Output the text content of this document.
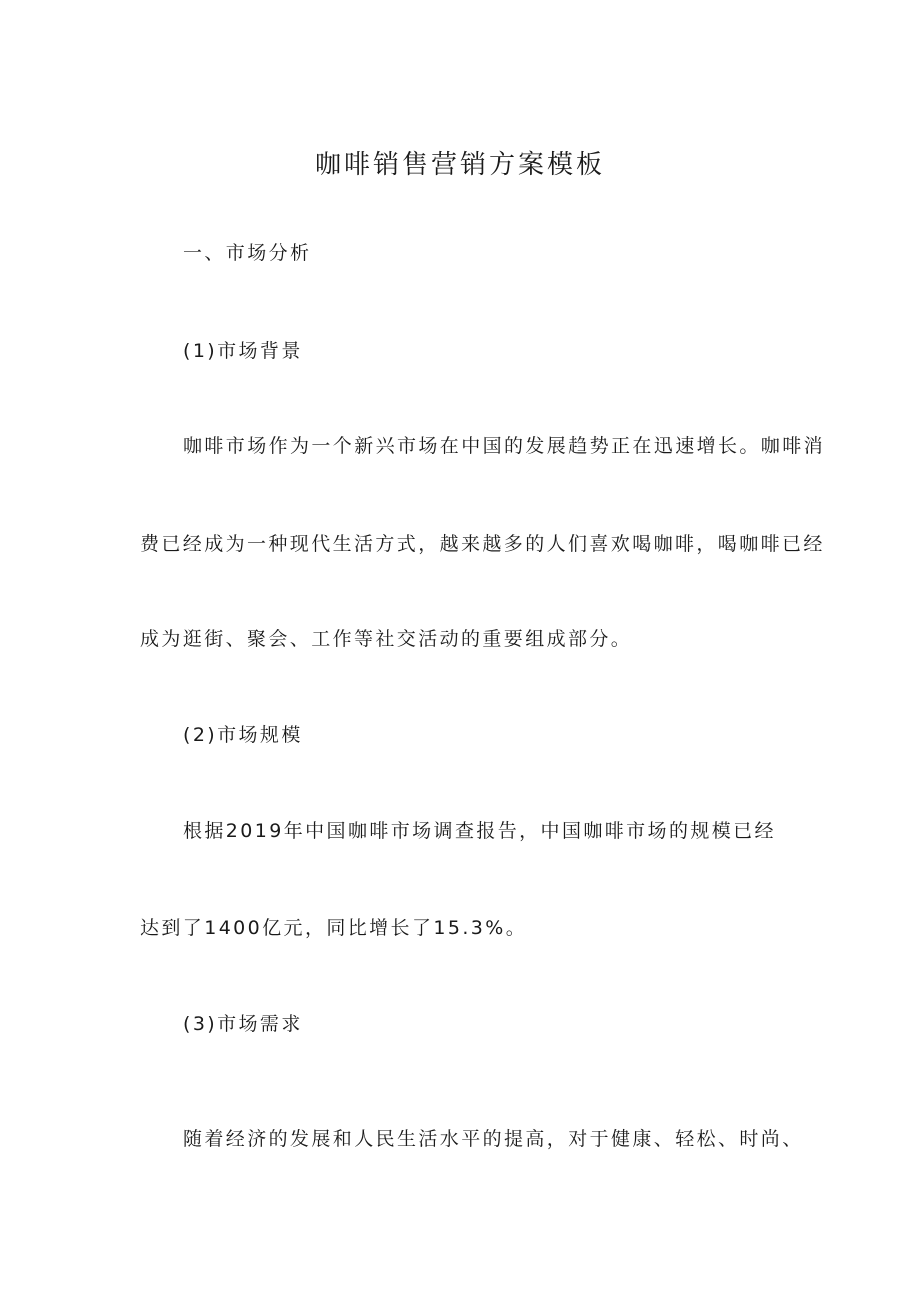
咖啡销售营销方案模板
一、市场分析
(1)市场背景
咖啡市场作为一个新兴市场在中国的发展趋势正在迅速增长。咖啡消
费已经成为一种现代生活方式，越来越多的人们喜欢喝咖啡，喝咖啡已经
成为逛街、聚会、工作等社交活动的重要组成部分。
(2)市场规模
根据2019年中国咖啡市场调查报告，中国咖啡市场的规模已经
达到了1400亿元，同比增长了15.3%。
(3)市场需求
随着经济的发展和人民生活水平的提高，对于健康、轻松、时尚、
